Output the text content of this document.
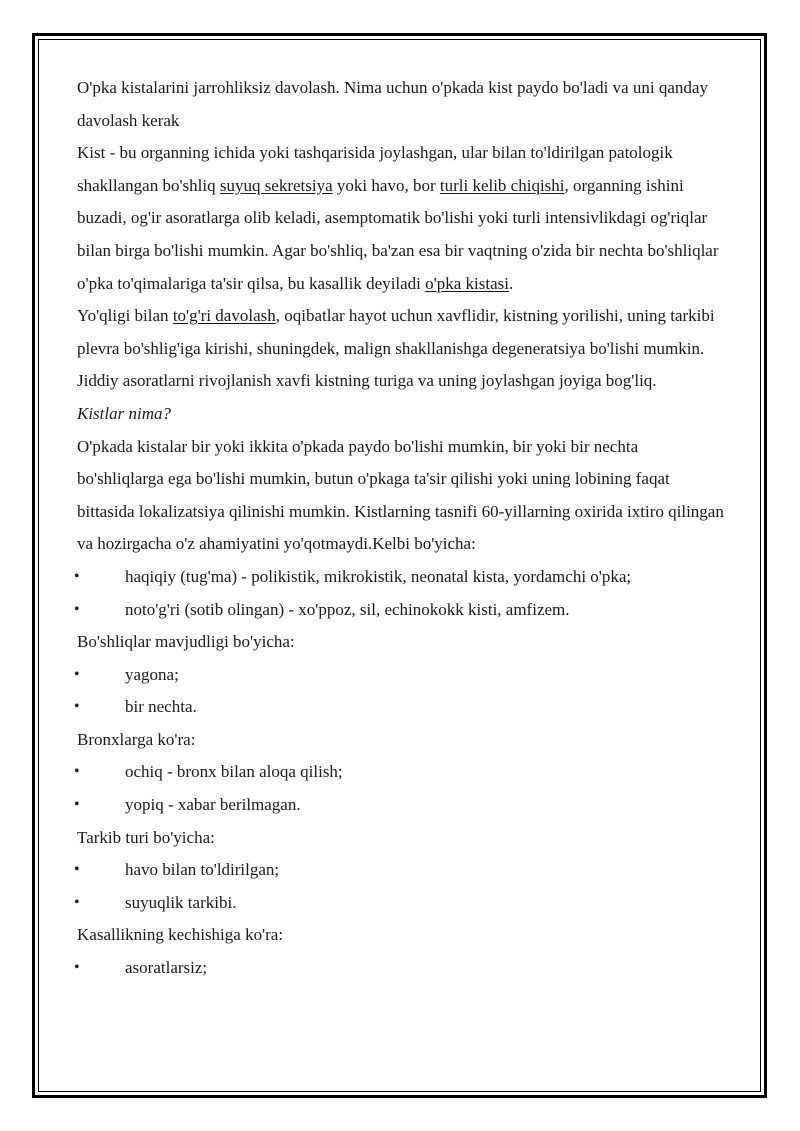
O'pka kistalarini jarrohliksiz davolash. Nima uchun o'pkada kist paydo bo'ladi va uni qanday davolash kerak

Kist - bu organning ichida yoki tashqarisida joylashgan, ular bilan to'ldirilgan patologik shakllangan bo'shliq suyuq sekretsiya yoki havo, bor turli kelib chiqishi, organning ishini buzadi, og'ir asoratlarga olib keladi, asemptomatik bo'lishi yoki turli intensivlikdagi og'riqlar bilan birga bo'lishi mumkin. Agar bo'shliq, ba'zan esa bir vaqtning o'zida bir nechta bo'shliqlar o'pka to'qimalariga ta'sir qilsa, bu kasallik deyiladi o'pka kistasi.

Yo'qligi bilan to'g'ri davolash, oqibatlar hayot uchun xavflidir, kistning yorilishi, uning tarkibi plevra bo'shlig'iga kirishi, shuningdek, malign shakllanishga degeneratsiya bo'lishi mumkin. Jiddiy asoratlarni rivojlanish xavfi kistning turiga va uning joylashgan joyiga bog'liq.

Kistlar nima?

O'pkada kistalar bir yoki ikkita o'pkada paydo bo'lishi mumkin, bir yoki bir nechta bo'shliqlarga ega bo'lishi mumkin, butun o'pkaga ta'sir qilishi yoki uning lobining faqat bittasida lokalizatsiya qilinishi mumkin. Kistlarning tasnifi 60-yillarning oxirida ixtiro qilingan va hozirgacha o'z ahamiyatini yo'qotmaydi.Kelbi bo'yicha:

•	haqiqiy (tug'ma) - polikistik, mikrokistik, neonatal kista, yordamchi o'pka;
•	noto'g'ri (sotib olingan) - xo'ppoz, sil, echinokokk kisti, amfizem.

Bo'shliqlar mavjudligi bo'yicha:

•	yagona;
•	bir nechta.

Bronxlarga ko'ra:

•	ochiq - bronx bilan aloqa qilish;
•	yopiq - xabar berilmagan.

Tarkib turi bo'yicha:

•	havo bilan to'ldirilgan;
•	suyuqlik tarkibi.

Kasallikning kechishiga ko'ra:

•	asoratlarsiz;
